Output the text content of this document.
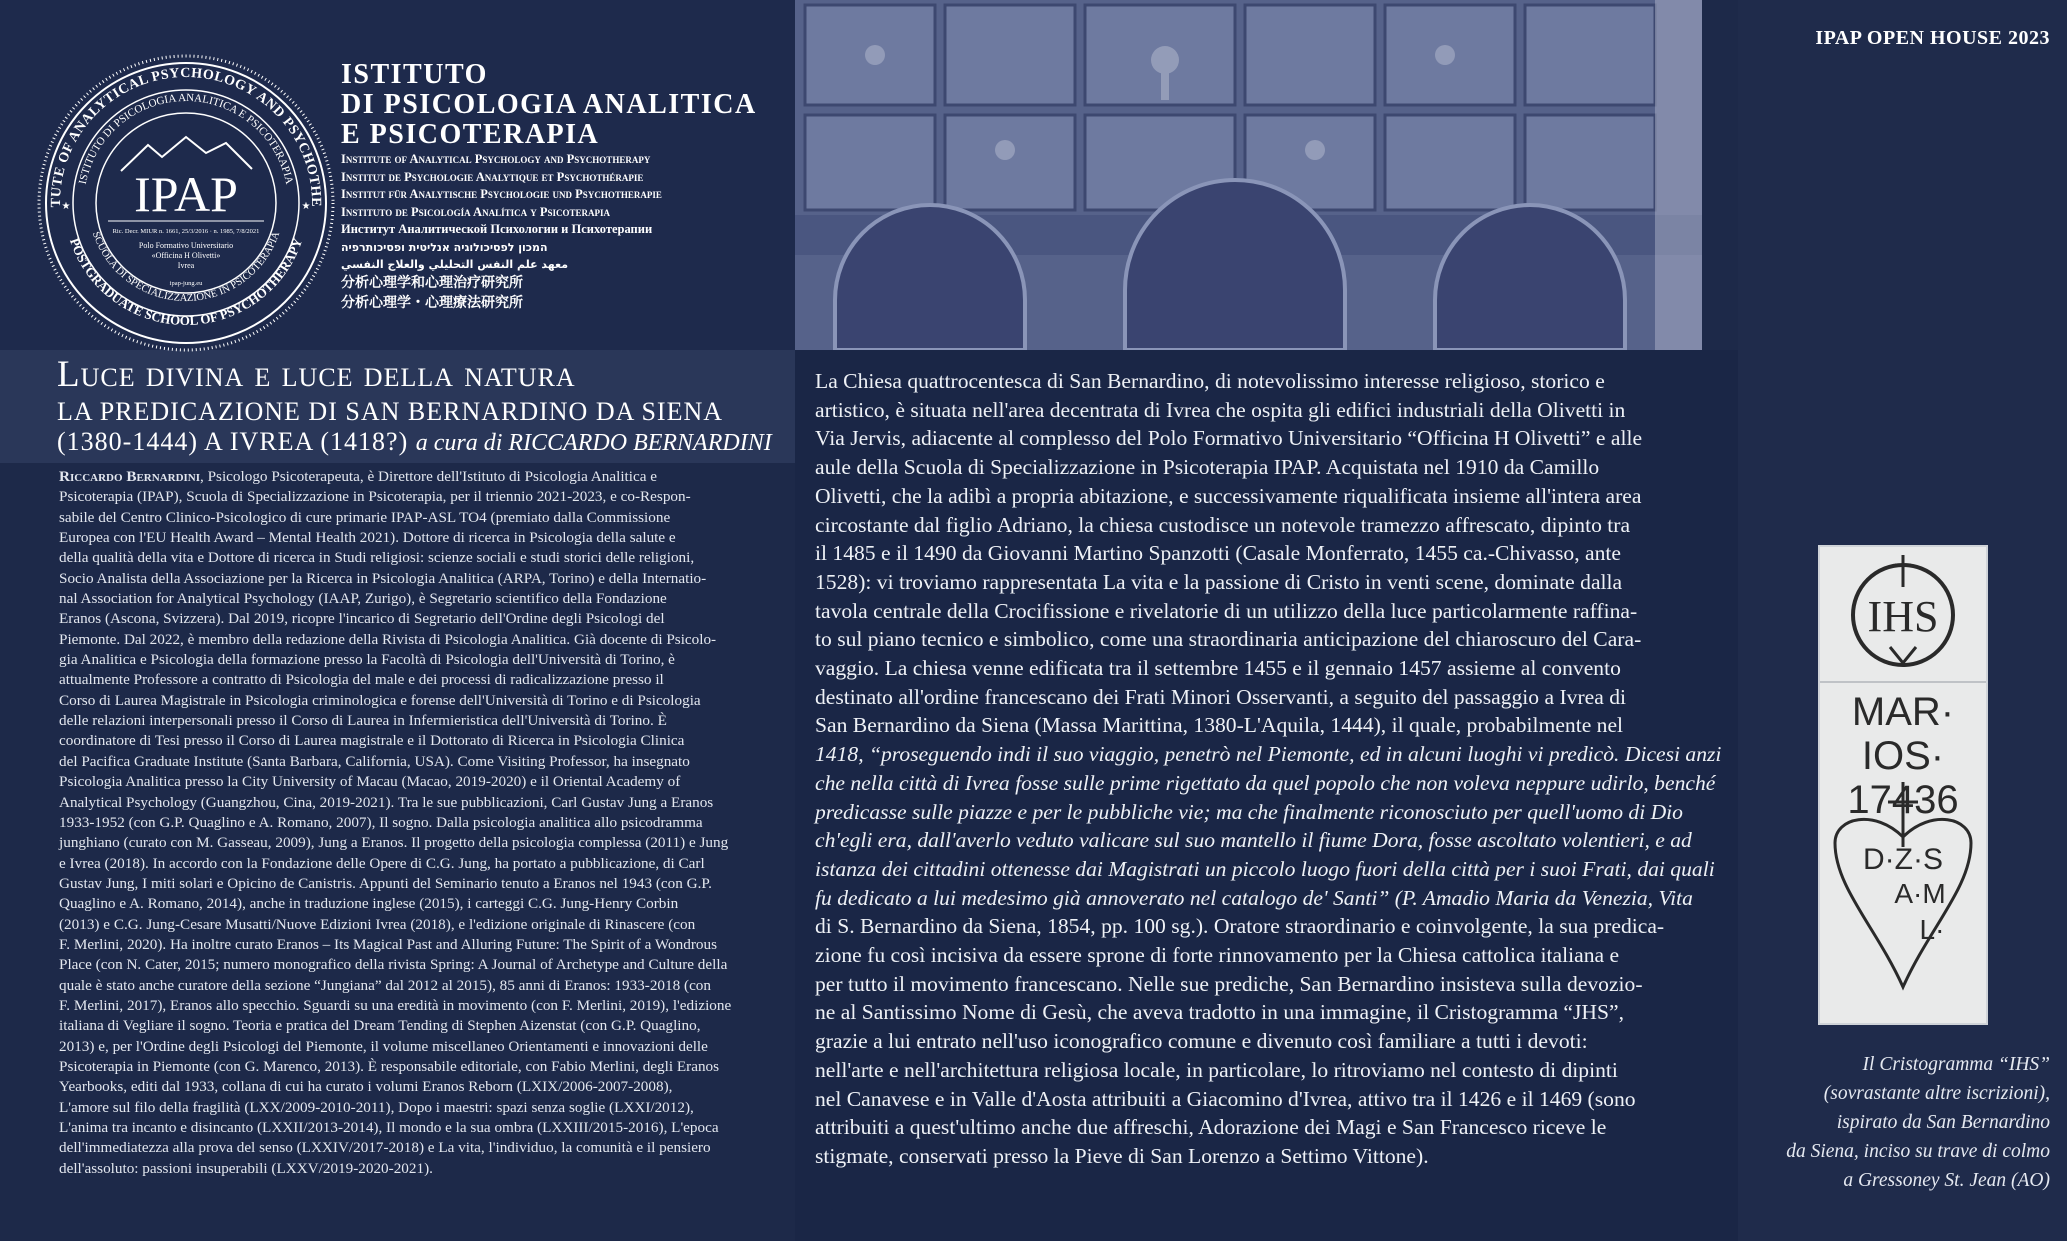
TUTE OF ANALYTICAL PSYCHOLOGY AND PSYCHOTHE
ISTITUTO DI PSICOLOGIA ANALITICA E PSICOTERAPIA
POSTGRADUATE SCHOOL OF PSYCHOTHERAPY
SCUOLA DI SPECIALIZZAZIONE IN PSICOTERAPIA
IPAP
Ric. Decr. MIUR n. 1661, 25/3/2016 · n. 1985, 7/8/2021
Polo Formativo Universitario
«Officina H Olivetti»
Ivrea
ipap-jung.eu
★	★
ISTITUTO
DI PSICOLOGIA ANALITICA
E PSICOTERAPIA
Institute of Analytical Psychology and Psychotherapy
Institut de Psychologie Analytique et Psychothérapie
Institut für Analytische Psychologie und Psychotherapie
Instituto de Psicología Analítica y Psicoterapia
Институт Аналитической Психологии и Психотерапии
המכון לפסיכולוגיה אנליטית ופסיכותרפיה
معهد علم النفس التحليلي والعلاج النفسي
分析心理学和心理治疗研究所
分析心理学・心理療法研究所
IPAP OPEN HOUSE 2023
Luce divina e luce della natura
LA PREDICAZIONE DI SAN BERNARDINO DA SIENA
(1380-1444) A IVREA (1418?) a cura di RICCARDO BERNARDINI
Riccardo Bernardini, Psicologo Psicoterapeuta, è Direttore dell'Istituto di Psicologia Analitica e
Psicoterapia (IPAP), Scuola di Specializzazione in Psicoterapia, per il triennio 2021-2023, e co-Respon-
sabile del Centro Clinico-Psicologico di cure primarie IPAP-ASL TO4 (premiato dalla Commissione
Europea con l'EU Health Award – Mental Health 2021). Dottore di ricerca in Psicologia della salute e
della qualità della vita e Dottore di ricerca in Studi religiosi: scienze sociali e studi storici delle religioni,
Socio Analista della Associazione per la Ricerca in Psicologia Analitica (ARPA, Torino) e della Internatio-
nal Association for Analytical Psychology (IAAP, Zurigo), è Segretario scientifico della Fondazione
Eranos (Ascona, Svizzera). Dal 2019, ricopre l'incarico di Segretario dell'Ordine degli Psicologi del
Piemonte. Dal 2022, è membro della redazione della Rivista di Psicologia Analitica. Già docente di Psicolo-
gia Analitica e Psicologia della formazione presso la Facoltà di Psicologia dell'Università di Torino, è
attualmente Professore a contratto di Psicologia del male e dei processi di radicalizzazione presso il
Corso di Laurea Magistrale in Psicologia criminologica e forense dell'Università di Torino e di Psicologia
delle relazioni interpersonali presso il Corso di Laurea in Infermieristica dell'Università di Torino. È
coordinatore di Tesi presso il Corso di Laurea magistrale e il Dottorato di Ricerca in Psicologia Clinica
del Pacifica Graduate Institute (Santa Barbara, California, USA). Come Visiting Professor, ha insegnato
Psicologia Analitica presso la City University of Macau (Macao, 2019-2020) e il Oriental Academy of
Analytical Psychology (Guangzhou, Cina, 2019-2021). Tra le sue pubblicazioni, Carl Gustav Jung a Eranos
1933-1952 (con G.P. Quaglino e A. Romano, 2007), Il sogno. Dalla psicologia analitica allo psicodramma
junghiano (curato con M. Gasseau, 2009), Jung a Eranos. Il progetto della psicologia complessa (2011) e Jung
e Ivrea (2018). In accordo con la Fondazione delle Opere di C.G. Jung, ha portato a pubblicazione, di Carl
Gustav Jung, I miti solari e Opicino de Canistris. Appunti del Seminario tenuto a Eranos nel 1943 (con G.P.
Quaglino e A. Romano, 2014), anche in traduzione inglese (2015), i carteggi C.G. Jung-Henry Corbin
(2013) e C.G. Jung-Cesare Musatti/Nuove Edizioni Ivrea (2018), e l'edizione originale di Rinascere (con
F. Merlini, 2020). Ha inoltre curato Eranos – Its Magical Past and Alluring Future: The Spirit of a Wondrous
Place (con N. Cater, 2015; numero monografico della rivista Spring: A Journal of Archetype and Culture della
quale è stato anche curatore della sezione “Jungiana” dal 2012 al 2015), 85 anni di Eranos: 1933-2018 (con
F. Merlini, 2017), Eranos allo specchio. Sguardi su una eredità in movimento (con F. Merlini, 2019), l'edizione
italiana di Vegliare il sogno. Teoria e pratica del Dream Tending di Stephen Aizenstat (con G.P. Quaglino,
2013) e, per l'Ordine degli Psicologi del Piemonte, il volume miscellaneo Orientamenti e innovazioni delle
Psicoterapia in Piemonte (con G. Marenco, 2013). È responsabile editoriale, con Fabio Merlini, degli Eranos
Yearbooks, editi dal 1933, collana di cui ha curato i volumi Eranos Reborn (LXIX/2006-2007-2008),
L'amore sul filo della fragilità (LXX/2009-2010-2011), Dopo i maestri: spazi senza soglie (LXXI/2012),
L'anima tra incanto e disincanto (LXXII/2013-2014), Il mondo e la sua ombra (LXXIII/2015-2016), L'epoca
dell'immediatezza alla prova del senso (LXXIV/2017-2018) e La vita, l'individuo, la comunità e il pensiero
dell'assoluto: passioni insuperabili (LXXV/2019-2020-2021).
La Chiesa quattrocentesca di San Bernardino, di notevolissimo interesse religioso, storico e
artistico, è situata nell'area decentrata di Ivrea che ospita gli edifici industriali della Olivetti in
Via Jervis, adiacente al complesso del Polo Formativo Universitario “Officina H Olivetti” e alle
aule della Scuola di Specializzazione in Psicoterapia IPAP. Acquistata nel 1910 da Camillo
Olivetti, che la adibì a propria abitazione, e successivamente riqualificata insieme all'intera area
circostante dal figlio Adriano, la chiesa custodisce un notevole tramezzo affrescato, dipinto tra
il 1485 e il 1490 da Giovanni Martino Spanzotti (Casale Monferrato, 1455 ca.-Chivasso, ante
1528): vi troviamo rappresentata La vita e la passione di Cristo in venti scene, dominate dalla
tavola centrale della Crocifissione e rivelatorie di un utilizzo della luce particolarmente raffina-
to sul piano tecnico e simbolico, come una straordinaria anticipazione del chiaroscuro del Cara-
vaggio. La chiesa venne edificata tra il settembre 1455 e il gennaio 1457 assieme al convento
destinato all'ordine francescano dei Frati Minori Osservanti, a seguito del passaggio a Ivrea di
San Bernardino da Siena (Massa Marittina, 1380-L'Aquila, 1444), il quale, probabilmente nel
1418, “proseguendo indi il suo viaggio, penetrò nel Piemonte, ed in alcuni luoghi vi predicò. Dicesi anzi
che nella città di Ivrea fosse sulle prime rigettato da quel popolo che non voleva neppure udirlo, benché
predicasse sulle piazze e per le pubbliche vie; ma che finalmente riconosciuto per quell'uomo di Dio
ch'egli era, dall'averlo veduto valicare sul suo mantello il fiume Dora, fosse ascoltato volentieri, e ad
istanza dei cittadini ottenesse dai Magistrati un piccolo luogo fuori della città per i suoi Frati, dai quali
fu dedicato a lui medesimo già annoverato nel catalogo de' Santi” (P. Amadio Maria da Venezia, Vita
di S. Bernardino da Siena, 1854, pp. 100 sg.). Oratore straordinario e coinvolgente, la sua predica-
zione fu così incisiva da essere sprone di forte rinnovamento per la Chiesa cattolica italiana e
per tutto il movimento francescano. Nelle sue prediche, San Bernardino insisteva sulla devozio-
ne al Santissimo Nome di Gesù, che aveva tradotto in una immagine, il Cristogramma “JHS”,
grazie a lui entrato nell'uso iconografico comune e divenuto così familiare a tutti i devoti:
nell'arte e nell'architettura religiosa locale, in particolare, lo ritroviamo nel contesto di dipinti
nel Canavese e in Valle d'Aosta attribuiti a Giacomino d'Ivrea, attivo tra il 1426 e il 1469 (sono
attribuiti a quest'ultimo anche due affreschi, Adorazione dei Magi e San Francesco riceve le
stigmate, conservati presso la Pieve di San Lorenzo a Settimo Vittone).
IHS
MAR·
IOS·
17436
D·Z·S
A·M
L·
Il Cristogramma “IHS”
(sovrastante altre iscrizioni),
ispirato da San Bernardino
da Siena, inciso su trave di colmo
a Gressoney St. Jean (AO)
